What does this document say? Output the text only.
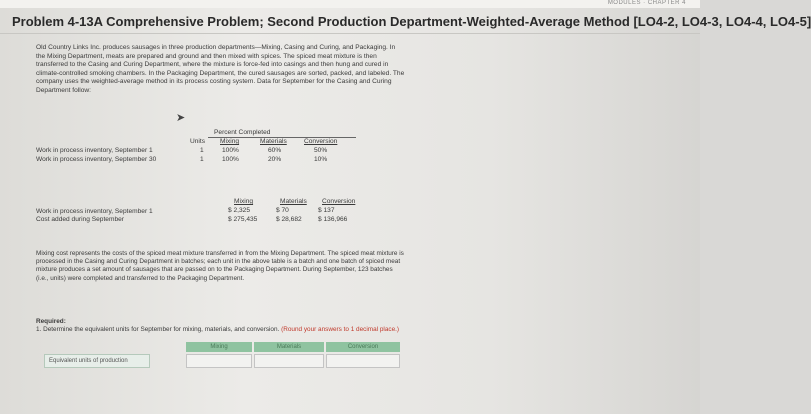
MODULES · CHAPTER 4
Problem 4-13A Comprehensive Problem; Second Production Department-Weighted-Average Method [LO4-2, LO4-3, LO4-4, LO4-5]
Old Country Links Inc. produces sausages in three production departments—Mixing, Casing and Curing, and Packaging. In the Mixing Department, meats are prepared and ground and then mixed with spices. The spiced meat mixture is then transferred to the Casing and Curing Department, where the mixture is force-fed into casings and then hung and cured in climate-controlled smoking chambers. In the Packaging Department, the cured sausages are sorted, packed, and labeled. The company uses the weighted-average method in its process costing system. Data for September for the Casing and Curing Department follow:
➤
Percent Completed
Units Mixing	Materials	Conversion
Work in process inventory, September 1	1	100%	60%	50%
Work in process inventory, September 30	1	100%	20%	10%
Mixing	Materials Conversion
Work in process inventory, September 1	$ 2,325	$ 70	$ 137
Cost added during September	$ 275,435	$ 28,682 $ 136,966
Mixing cost represents the costs of the spiced meat mixture transferred in from the Mixing Department. The spiced meat mixture is processed in the Casing and Curing Department in batches; each unit in the above table is a batch and one batch of spiced meat mixture produces a set amount of sausages that are passed on to the Packaging Department. During September, 123 batches (i.e., units) were completed and transferred to the Packaging Department.
Required:
1. Determine the equivalent units for September for mixing, materials, and conversion. (Round your answers to 1 decimal place.)
Mixing	Materials	Conversion
Equivalent units of production
